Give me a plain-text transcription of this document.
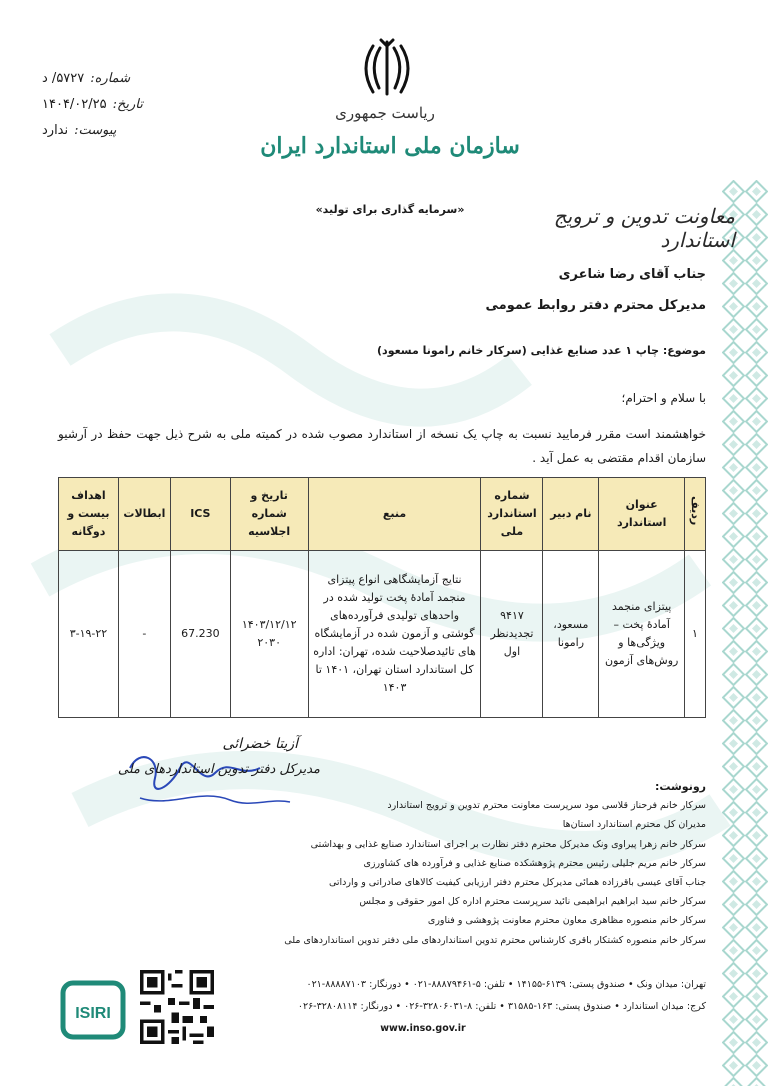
شماره:
۵۷۲۷/ د
تاریخ:
۱۴۰۴/۰۲/۲۵
پیوست:
ندارد
ریاست جمهوری
سازمان ملی استاندارد ایران
«سرمایه گذاری برای تولید»	معاونت تدوین و ترویج استاندارد
جناب آقای رضا شاعری
مدیرکل محترم دفتر روابط عمومی
موضوع: چاپ ۱ عدد صنایع غذایی (سرکار خانم رامونا مسعود)
با سلام و احترام؛
خواهشمند است مقرر فرمایید نسبت به چاپ یک نسخه از استاندارد مصوب شده در کمیته ملی به شرح ذیل جهت حفظ در آرشیو سازمان اقدام مقتضی به عمل آید .
ردیف	عنوان استاندارد	نام دبیر	شماره استاندارد ملی	منبع	تاریخ و شماره اجلاسیه	ICS	ابطالات	اهداف بیست و دوگانه
۱	پیتزای منجمد آمادۀ پخت – ویژگی‌ها و روش‌های آزمون	مسعود، رامونا	۹۴۱۷ تجدیدنظر اول	نتایج آزمایشگاهی انواع پیتزای منجمد آمادۀ پخت تولید شده در واحدهای تولیدی فرآورده‌های گوشتی و آزمون شده در آزمایشگاه های تائیدصلاحیت شده، تهران: اداره کل استاندارد استان تهران، ۱۴۰۱ تا ۱۴۰۳	۱۴۰۳/۱۲/۱۲ ۲۰۳۰	67.230	-	۳-۱۹-۲۲
آزیتا خضرائی
مدیرکل دفتر تدوین استانداردهای ملی
رونوشت:
سرکار خانم فرحناز قلاسی مود سرپرست معاونت محترم تدوین و ترویج استاندارد
مدیران کل محترم استاندارد استان‌ها
سرکار خانم زهرا پیراوی ونک مدیرکل محترم دفتر نظارت بر اجرای استاندارد صنایع غذایی و بهداشتی
سرکار خانم مریم جلیلی رئیس محترم پژوهشکده صنایع غذایی و فرآورده های کشاورزی
جناب آقای عیسی باقرزاده همائی مدیرکل محترم دفتر ارزیابی کیفیت کالاهای صادراتی و وارداتی
سرکار خانم سید ابراهیم ابراهیمی نائید سرپرست محترم اداره کل امور حقوقی و مجلس
سرکار خانم منصوره مظاهری معاون محترم معاونت پژوهشی و فناوری
سرکار خانم منصوره کشتکار باقری کارشناس محترم تدوین استانداردهای ملی دفتر تدوین استانداردهای ملی
ISIRI
تهران: میدان ونک • صندوق پستی: ۶۱۳۹-۱۴۱۵۵ • تلفن: ۵-۸۸۸۷۹۴۶۱-۰۲۱ • دورنگار: ۸۸۸۸۷۱۰۳-۰۲۱
کرج: میدان استاندارد • صندوق پستی: ۱۶۳-۳۱۵۸۵ • تلفن: ۸-۳۲۸۰۶۰۳۱-۰۲۶ • دورنگار: ۳۲۸۰۸۱۱۴-۰۲۶
www.inso.gov.ir
